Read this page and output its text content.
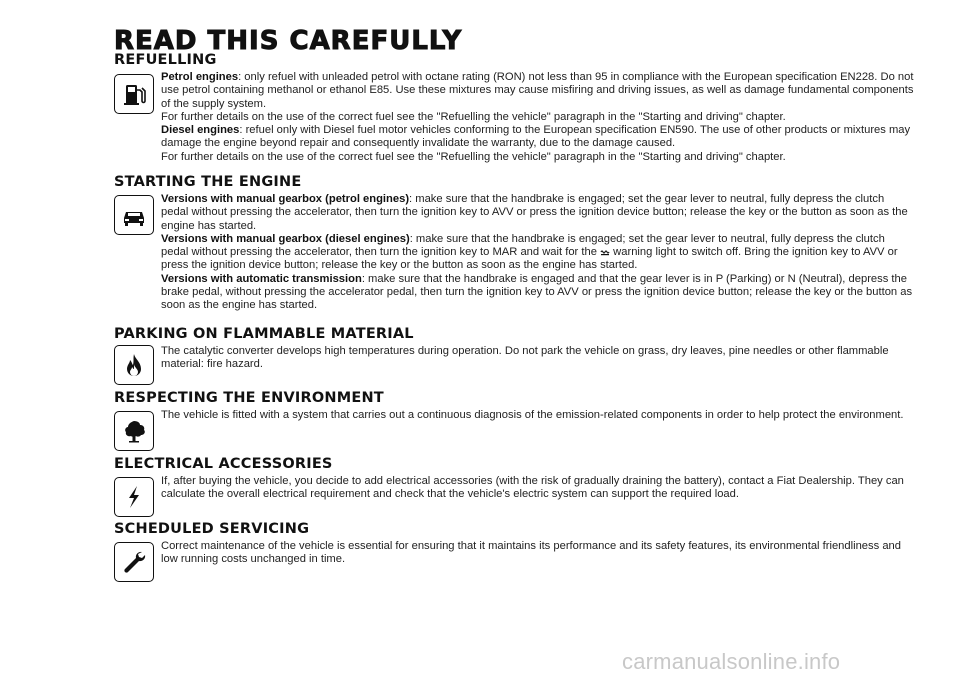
READ THIS CAREFULLY
REFUELLING

Petrol engines: only refuel with unleaded petrol with octane rating (RON) not less than 95 in compliance with the European specification EN228. Do not use petrol containing methanol or ethanol E85. Use these mixtures may cause misfiring and driving issues, as well as damage fundamental components of the supply system.

For further details on the use of the correct fuel see the "Refuelling the vehicle" paragraph in the "Starting and driving" chapter.

Diesel engines: refuel only with Diesel fuel motor vehicles conforming to the European specification EN590. The use of other products or mixtures may damage the engine beyond repair and consequently invalidate the warranty, due to the damage caused.

For further details on the use of the correct fuel see the "Refuelling the vehicle" paragraph in the "Starting and driving" chapter.

STARTING THE ENGINE

Versions with manual gearbox (petrol engines): make sure that the handbrake is engaged; set the gear lever to neutral, fully depress the clutch pedal without pressing the accelerator, then turn the ignition key to AVV or press the ignition device button; release the key or the button as soon as the engine has started.

Versions with manual gearbox (diesel engines): make sure that the handbrake is engaged; set the gear lever to neutral, fully depress the clutch pedal without pressing the accelerator, then turn the ignition key to MAR and wait for the warning light to switch off. Bring the ignition key to AVV or press the ignition device button; release the key or the button as soon as the engine has started.

Versions with automatic transmission: make sure that the handbrake is engaged and that the gear lever is in P (Parking) or N (Neutral), depress the brake pedal, without pressing the accelerator pedal, then turn the ignition key to AVV or press the ignition device button; release the key or the button as soon as the engine has started.

PARKING ON FLAMMABLE MATERIAL

The catalytic converter develops high temperatures during operation. Do not park the vehicle on grass, dry leaves, pine needles or other flammable material: fire hazard.

RESPECTING THE ENVIRONMENT

The vehicle is fitted with a system that carries out a continuous diagnosis of the emission-related components in order to help protect the environment.

ELECTRICAL ACCESSORIES

If, after buying the vehicle, you decide to add electrical accessories (with the risk of gradually draining the battery), contact a Fiat Dealership. They can calculate the overall electrical requirement and check that the vehicle's electric system can support the required load.

SCHEDULED SERVICING

Correct maintenance of the vehicle is essential for ensuring that it maintains its performance and its safety features, its environmental friendliness and low running costs unchanged in time.

carmanualsonline.info
